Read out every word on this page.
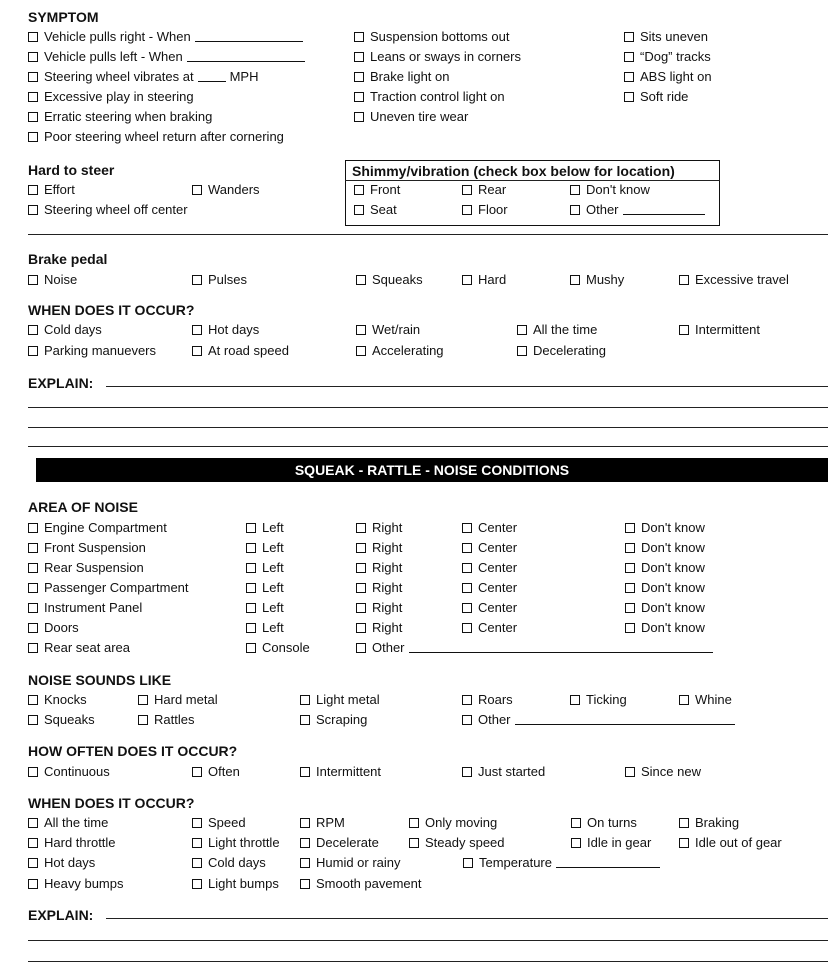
SYMPTOM
Vehicle pulls right - When
Vehicle pulls left - When
Steering wheel vibrates at	MPH
Excessive play in steering
Erratic steering when braking
Poor steering wheel return after cornering
Suspension bottoms out
Leans or sways in corners
Brake light on
Traction control light on
Uneven tire wear
Sits uneven
“Dog” tracks
ABS light on
Soft ride
Hard to steer
Effort	Wanders
Steering wheel off center
Shimmy/vibration (check box below for location)
Front	Rear	Don't know
Seat	Floor	Other
Brake pedal
Noise	Pulses	Squeaks	Hard	Mushy	Excessive travel
WHEN DOES IT OCCUR?
Cold days	Hot days	Wet/rain	All the time	Intermittent
Parking manuevers	At road speed	Accelerating	Decelerating
EXPLAIN:
SQUEAK - RATTLE - NOISE CONDITIONS
AREA OF NOISE
Engine Compartment	Left	Right	Center	Don't know
Front Suspension	Left	Right	Center	Don't know
Rear Suspension	Left	Right	Center	Don't know
Passenger Compartment	Left	Right	Center	Don't know
Instrument Panel	Left	Right	Center	Don't know
Doors	Left	Right	Center	Don't know
Rear seat area	Console	Other
NOISE SOUNDS LIKE
Knocks	Hard metal	Light metal	Roars	Ticking	Whine
Squeaks	Rattles	Scraping	Other
HOW OFTEN DOES IT OCCUR?
Continuous	Often	Intermittent	Just started	Since new
WHEN DOES IT OCCUR?
All the time	Speed	RPM	Only moving	On turns	Braking
Hard throttle	Light throttle	Decelerate	Steady speed	Idle in gear	Idle out of gear
Hot days	Cold days	Humid or rainy	Temperature
Heavy bumps	Light bumps	Smooth pavement
EXPLAIN:
